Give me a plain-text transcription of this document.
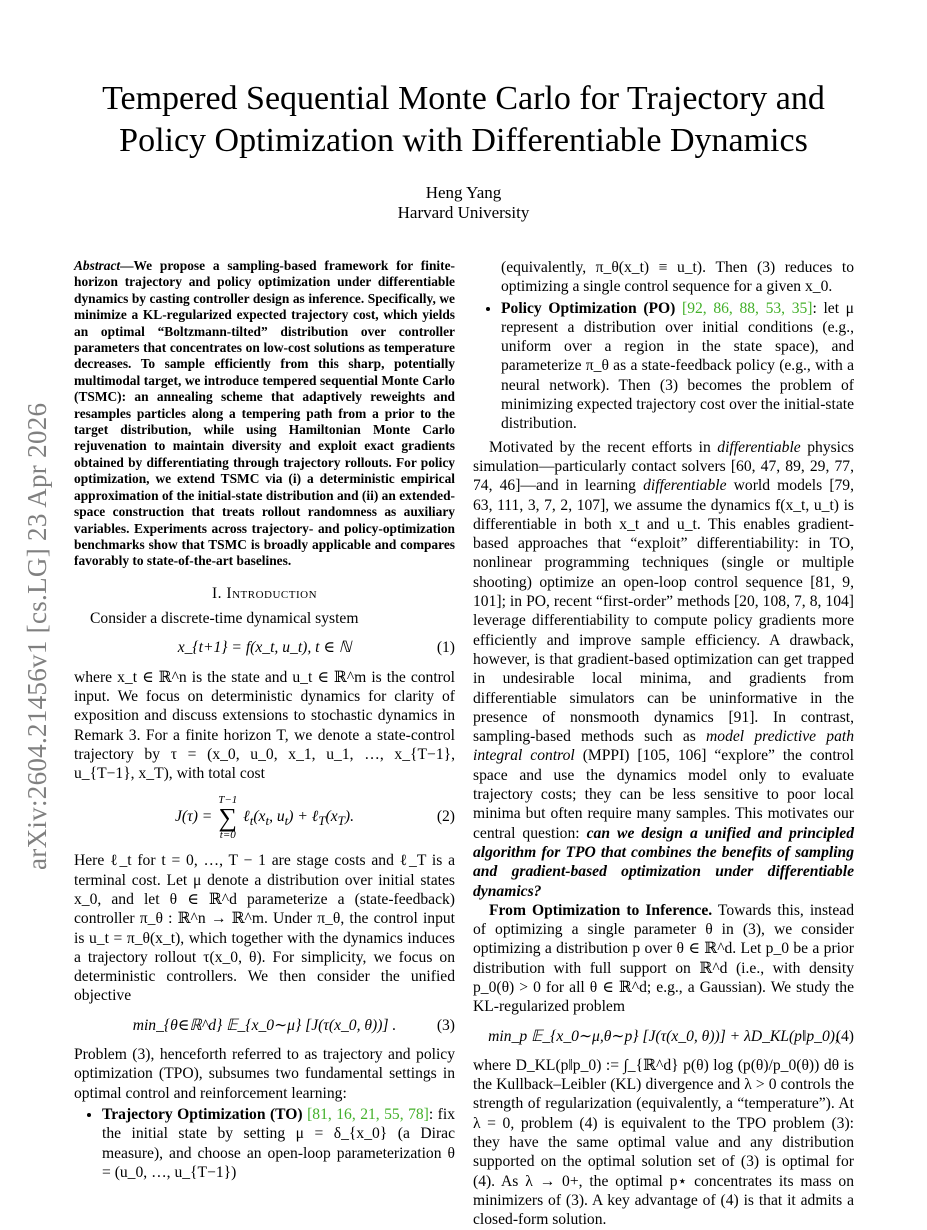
arXiv:2604.21456v1 [cs.LG] 23 Apr 2026
Tempered Sequential Monte Carlo for Trajectory and Policy Optimization with Differentiable Dynamics
Heng Yang
Harvard University

Abstract—We propose a sampling-based framework for finite-horizon trajectory and policy optimization under differentiable dynamics by casting controller design as inference. Specifically, we minimize a KL-regularized expected trajectory cost, which yields an optimal “Boltzmann-tilted” distribution over controller parameters that concentrates on low-cost solutions as temperature decreases. To sample efficiently from this sharp, potentially multimodal target, we introduce tempered sequential Monte Carlo (TSMC): an annealing scheme that adaptively reweights and resamples particles along a tempering path from a prior to the target distribution, while using Hamiltonian Monte Carlo rejuvenation to maintain diversity and exploit exact gradients obtained by differentiating through trajectory rollouts. For policy optimization, we extend TSMC via (i) a deterministic empirical approximation of the initial-state distribution and (ii) an extended-space construction that treats rollout randomness as auxiliary variables. Experiments across trajectory- and policy-optimization benchmarks show that TSMC is broadly applicable and compares favorably to state-of-the-art baselines.

I. Introduction

Consider a discrete-time dynamical system

x_{t+1} = f(x_t, u_t), t ∈ ℕ	(1)

where x_t ∈ ℝ^n is the state and u_t ∈ ℝ^m is the control input. We focus on deterministic dynamics for clarity of exposition and discuss extensions to stochastic dynamics in Remark 3. For a finite horizon T, we denote a state-control trajectory by τ = (x_0, u_0, x_1, u_1, …, x_{T−1}, u_{T−1}, x_T), with total cost

J(τ) = T−1
∑
t=0 $\ell_t(x_t$, $u_t$) + $\ell_T(x_T)$.	(2)

Here ℓ_t for t = 0, …, T − 1 are stage costs and ℓ_T is a terminal cost. Let μ denote a distribution over initial states x_0, and let θ ∈ ℝ^d parameterize a (state-feedback) controller π_θ : ℝ^n → ℝ^m. Under π_θ, the control input is u_t = π_θ(x_t), which together with the dynamics induces a trajectory rollout τ(x_0, θ). For simplicity, we focus on deterministic controllers. We then consider the unified objective

min_{θ∈ℝ^d} 𝔼_{x_0∼μ} [J(τ(x_0, θ))] .	(3)

Problem (3), henceforth referred to as trajectory and policy optimization (TPO), subsumes two fundamental settings in optimal control and reinforcement learning:

• Trajectory Optimization (TO) [81, 16, 21, 55, 78]: fix the initial state by setting μ = δ_{x_0} (a Dirac measure), and choose an open-loop parameterization θ = (u_0, …, u_{T−1})

(equivalently, π_θ(x_t) ≡ u_t). Then (3) reduces to optimizing a single control sequence for a given x_0.

• Policy Optimization (PO) [92, 86, 88, 53, 35]: let μ represent a distribution over initial conditions (e.g., uniform over a region in the state space), and parameterize π_θ as a state-feedback policy (e.g., with a neural network). Then (3) becomes the problem of minimizing expected trajectory cost over the initial-state distribution.

Motivated by the recent efforts in differentiable physics simulation—particularly contact solvers [60, 47, 89, 29, 77, 74, 46]—and in learning differentiable world models [79, 63, 111, 3, 7, 2, 107], we assume the dynamics f(x_t, u_t) is differentiable in both x_t and u_t. This enables gradient-based approaches that “exploit” differentiability: in TO, nonlinear programming techniques (single or multiple shooting) optimize an open-loop control sequence [81, 9, 101]; in PO, recent “first-order” methods [20, 108, 7, 8, 104] leverage differentiability to compute policy gradients more efficiently and improve sample efficiency. A drawback, however, is that gradient-based optimization can get trapped in undesirable local minima, and gradients from differentiable simulators can be uninformative in the presence of nonsmooth dynamics [91]. In contrast, sampling-based methods such as model predictive path integral control (MPPI) [105, 106] “explore” the control space and use the dynamics model only to evaluate trajectory costs; they can be less sensitive to poor local minima but often require many samples. This motivates our central question: can we design a unified and principled algorithm for TPO that combines the benefits of sampling and gradient-based optimization under differentiable dynamics?

From Optimization to Inference. Towards this, instead of optimizing a single parameter θ in (3), we consider optimizing a distribution p over θ ∈ ℝ^d. Let p_0 be a prior distribution with full support on ℝ^d (i.e., with density p_0(θ) > 0 for all θ ∈ ℝ^d; e.g., a Gaussian). We study the KL-regularized problem

min_p 𝔼_{x_0∼μ,θ∼p} [J(τ(x_0, θ))] + λD_KL(p‖p_0),
(4)

where D_KL(p‖p_0) := ∫_{ℝ^d} p(θ) log (p(θ)/p_0(θ)) dθ is the Kullback–Leibler (KL) divergence and λ > 0 controls the strength of regularization (equivalently, a “temperature”). At λ = 0, problem (4) is equivalent to the TPO problem (3): they have the same optimal value and any distribution supported on the optimal solution set of (3) is optimal for (4). As λ → 0+, the optimal p⋆ concentrates its mass on minimizers of (3). A key advantage of (4) is that it admits a closed-form solution.
